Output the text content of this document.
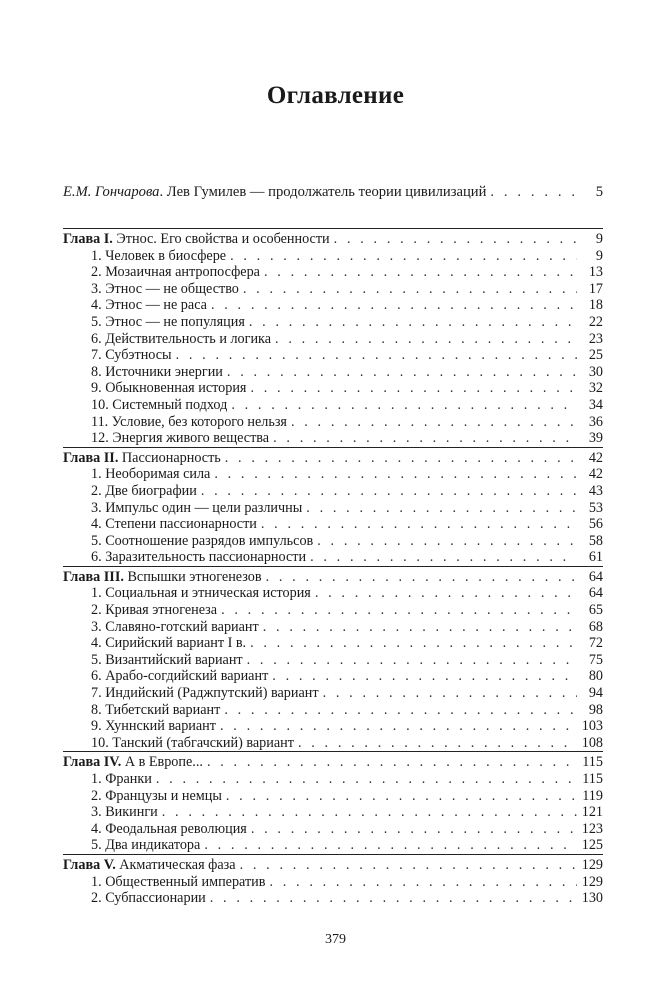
Оглавление
Е.М. Гончарова. Лев Гумилев — продолжатель теории цивилизаций . . .	5
Глава I. Этнос. Его свойства и особенности . . .	9
1. Человек в биосфере . . .	9
2. Мозаичная антропосфера . . .	13
3. Этнос — не общество . . .	17
4. Этнос — не раса . . .	18
5. Этнос — не популяция . . .	22
6. Действительность и логика . . .	23
7. Субэтносы . . .	25
8. Источники энергии . . .	30
9. Обыкновенная история . . .	32
10. Системный подход . . .	34
11. Условие, без которого нельзя . . .	36
12. Энергия живого вещества . . .	39
Глава II. Пассионарность . . .	42
1. Необоримая сила . . .	42
2. Две биографии . . .	43
3. Импульс один — цели различны . . .	53
4. Степени пассионарности . . .	56
5. Соотношение разрядов импульсов . . .	58
6. Заразительность пассионарности . . .	61
Глава III. Вспышки этногенезов . . .	64
1. Социальная и этническая история . . .	64
2. Кривая этногенеза . . .	65
3. Славяно-готский вариант . . .	68
4. Сирийский вариант I в. . . .	72
5. Византийский вариант . . .	75
6. Арабо-согдийский вариант . . .	80
7. Индийский (Раджпутский) вариант . . .	94
8. Тибетский вариант . . .	98
9. Хуннский вариант . . .	103
10. Танский (табгачский) вариант . . .	108
Глава IV. А в Европе... . . .	115
1. Франки . . .	115
2. Французы и немцы . . .	119
3. Викинги . . .	121
4. Феодальная революция . . .	123
5. Два индикатора . . .	125
Глава V. Акматическая фаза . . .	129
1. Общественный императив . . .	129
2. Субпассионарии . . .	130
379
